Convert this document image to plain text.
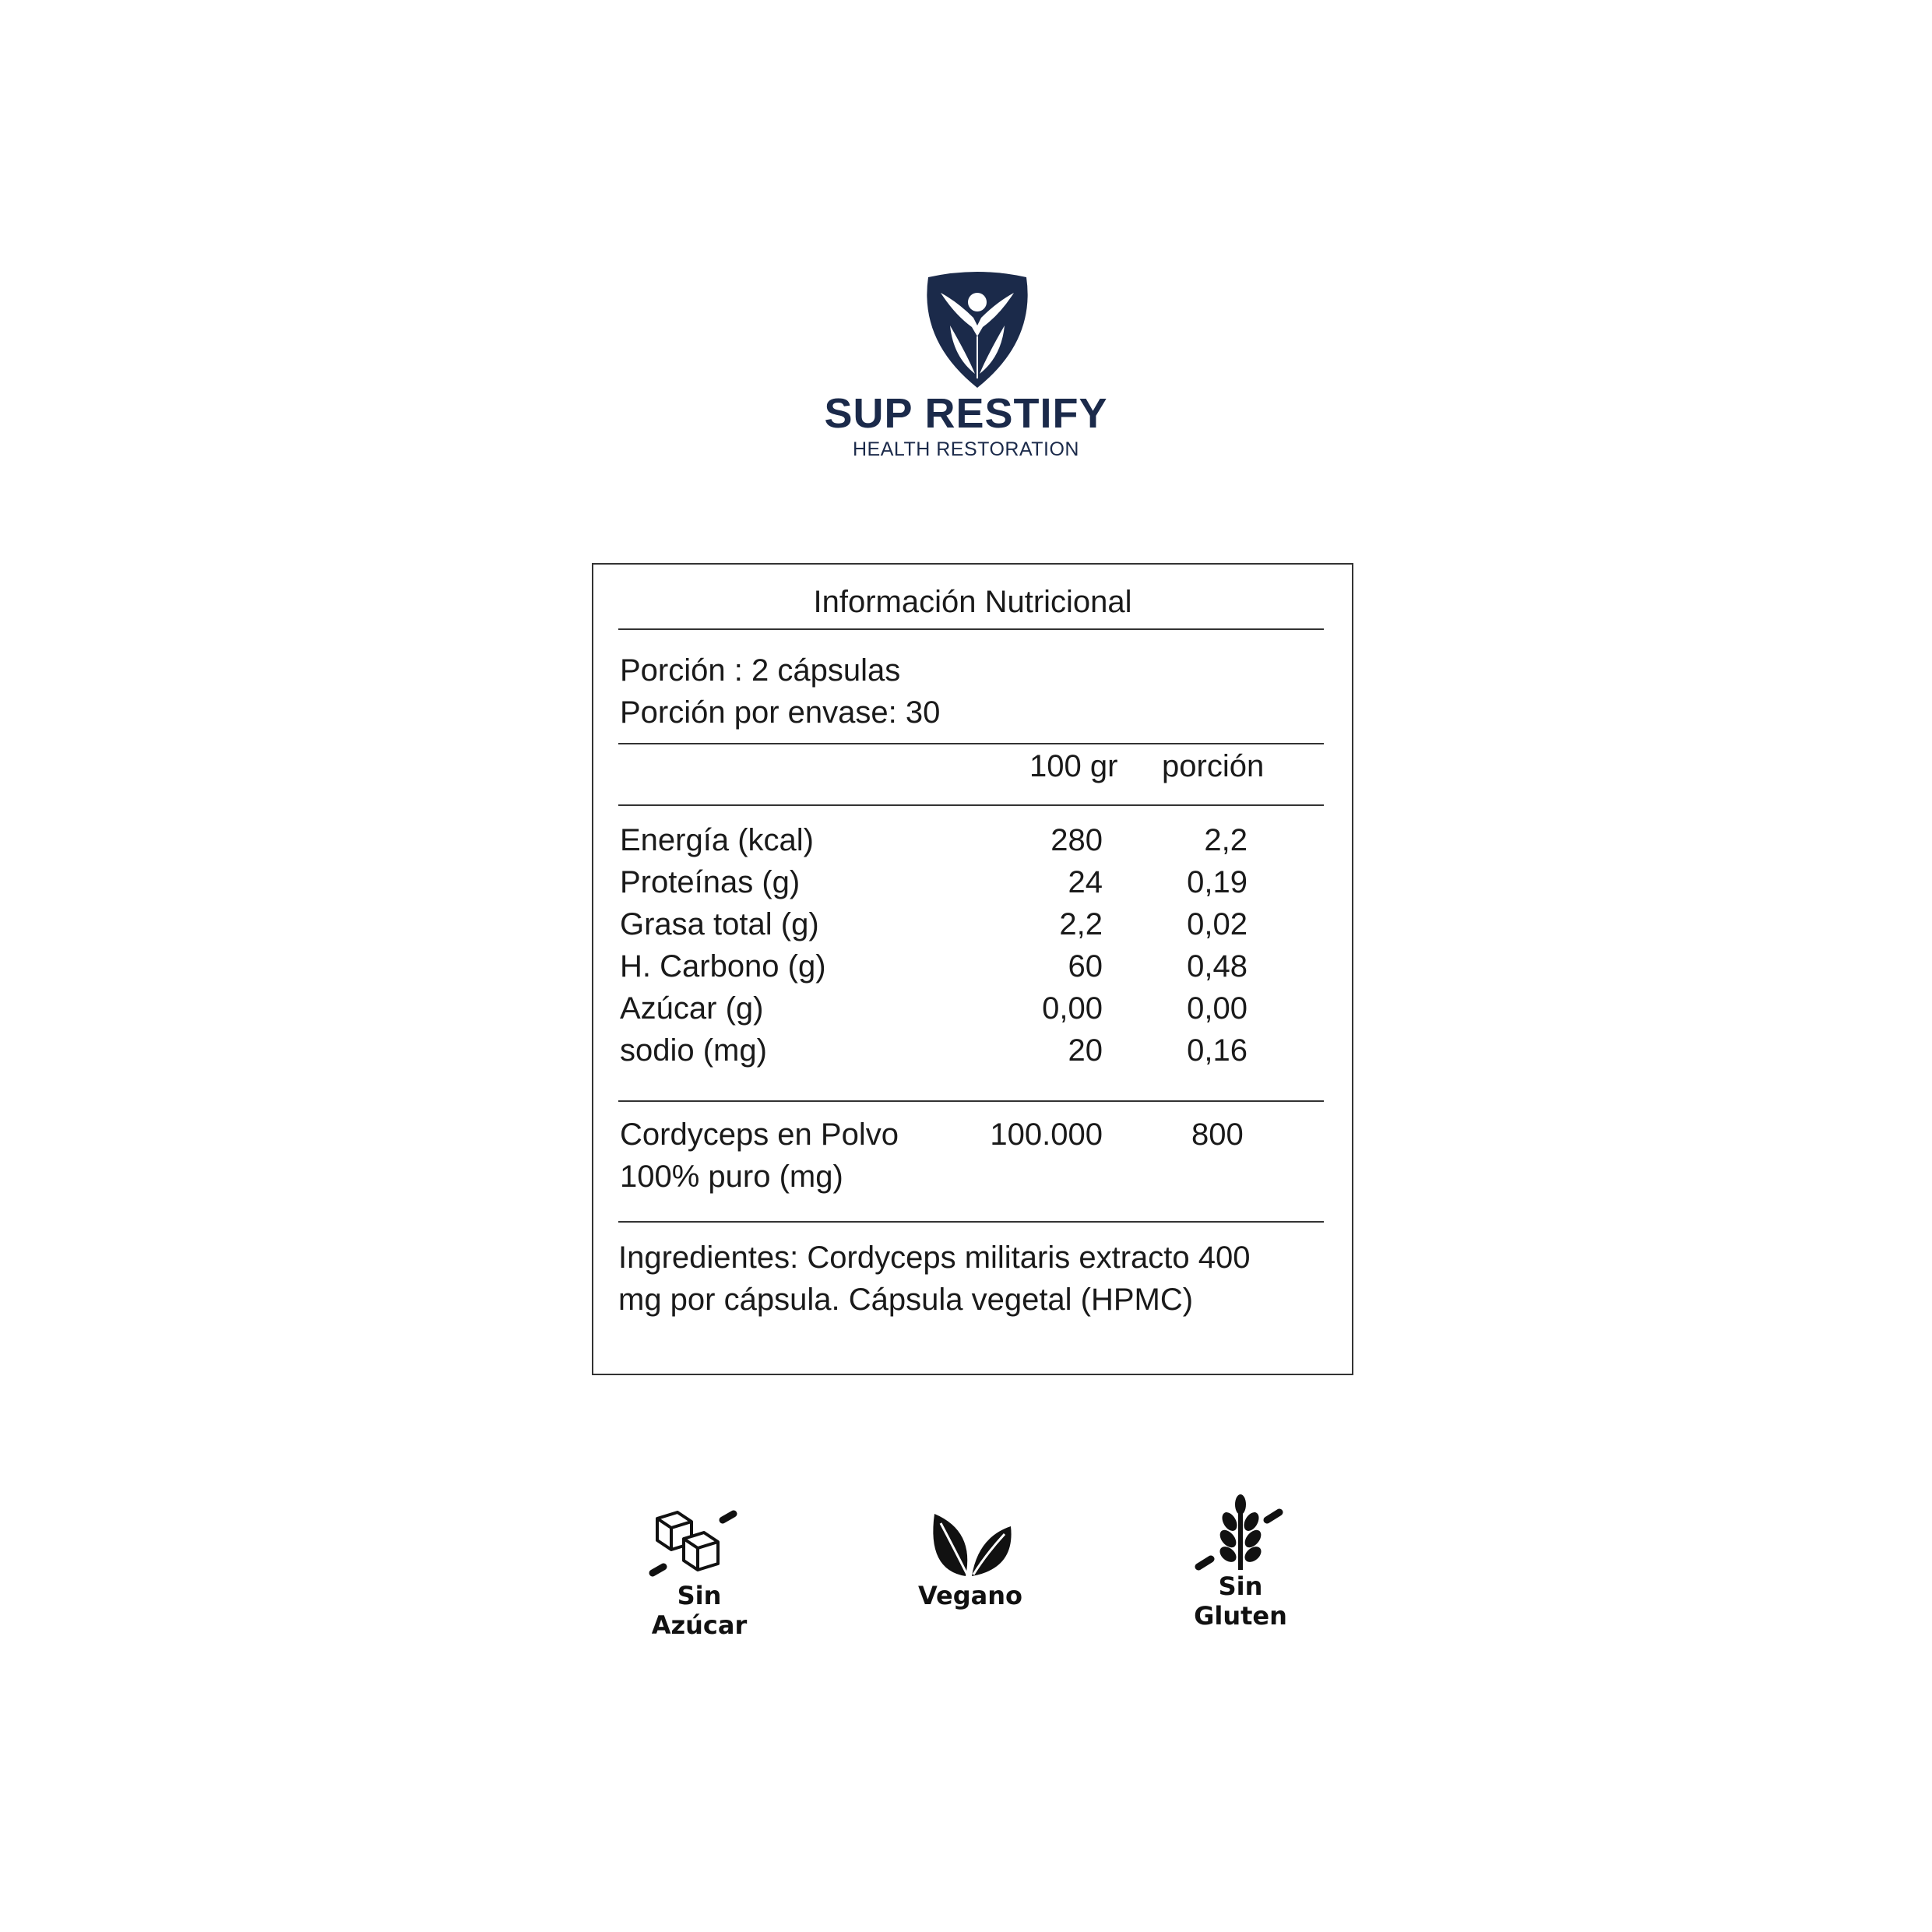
SUP RESTIFY
HEALTH RESTORATION
Información Nutricional
Porción : 2 cápsulas
Porción por envase: 30
100 gr porción
Energía (kcal)	280	2,2
Proteínas (g)	24	0,19
Grasa total (g)	2,2	0,02
H. Carbono (g)	60	0,48
Azúcar (g)	0,00	0,00
sodio (mg)	20	0,16
Cordyceps en Polvo
100% puro (mg)
100.000	800
Ingredientes: Cordyceps militaris extracto 400
mg por cápsula. Cápsula vegetal (HPMC)
Sin Azúcar
Vegano	Sin Gluten
